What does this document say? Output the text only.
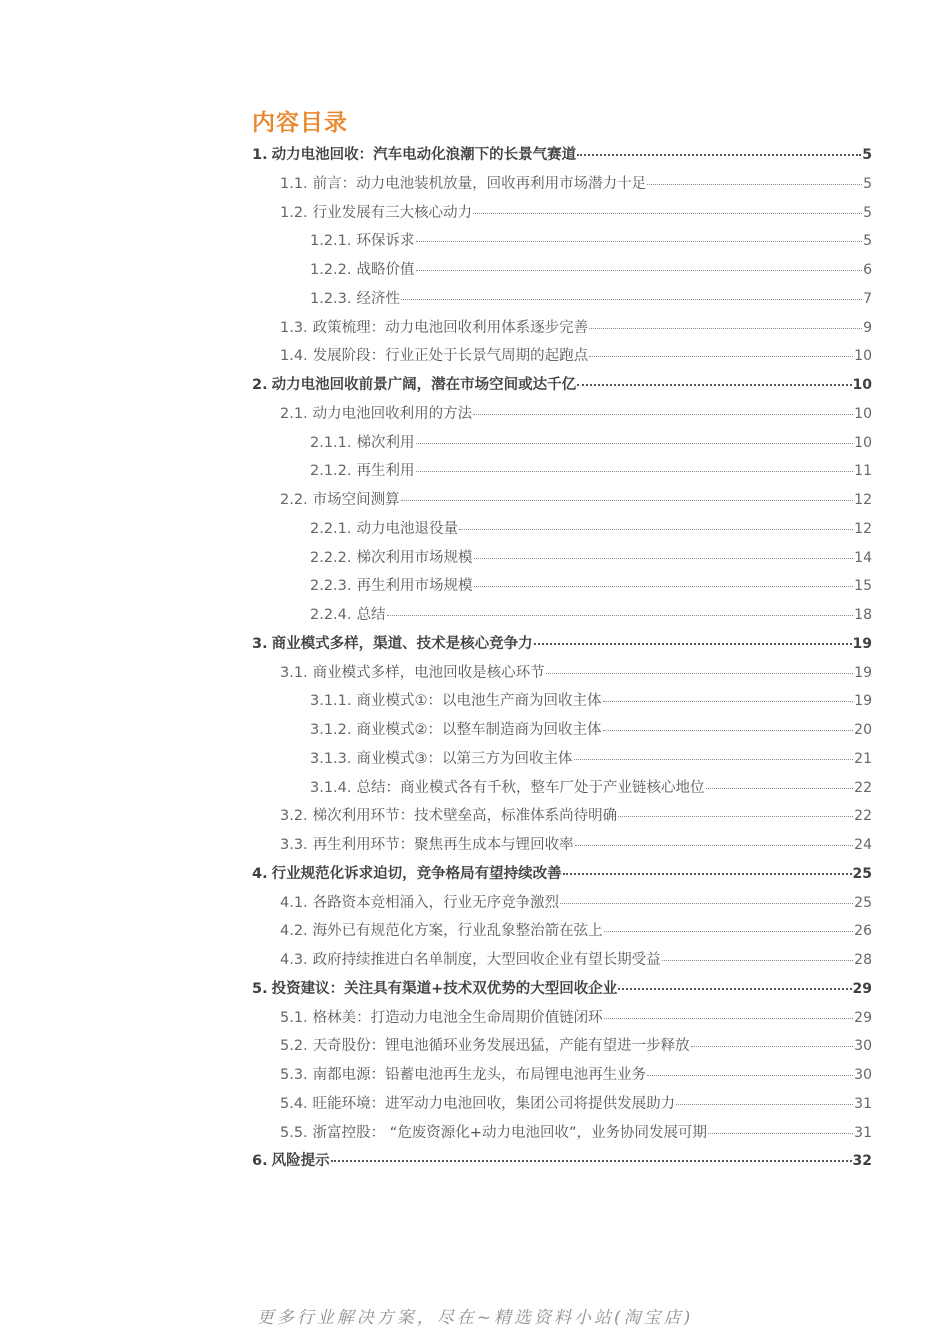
内容目录
1. 动力电池回收：汽车电动化浪潮下的长景气赛道	5
1.1. 前言：动力电池装机放量，回收再利用市场潜力十足	5
1.2. 行业发展有三大核心动力	5
1.2.1. 环保诉求	5
1.2.2. 战略价值	6
1.2.3. 经济性	7
1.3. 政策梳理：动力电池回收利用体系逐步完善	9
1.4. 发展阶段：行业正处于长景气周期的起跑点	10
2. 动力电池回收前景广阔，潜在市场空间或达千亿	10
2.1. 动力电池回收利用的方法	10
2.1.1. 梯次利用	10
2.1.2. 再生利用	11
2.2. 市场空间测算	12
2.2.1. 动力电池退役量	12
2.2.2. 梯次利用市场规模	14
2.2.3. 再生利用市场规模	15
2.2.4. 总结	18
3. 商业模式多样，渠道、技术是核心竞争力	19
3.1. 商业模式多样，电池回收是核心环节	19
3.1.1. 商业模式①：以电池生产商为回收主体	19
3.1.2. 商业模式②：以整车制造商为回收主体	20
3.1.3. 商业模式③：以第三方为回收主体	21
3.1.4. 总结：商业模式各有千秋，整车厂处于产业链核心地位	22
3.2. 梯次利用环节：技术壁垒高，标准体系尚待明确	22
3.3. 再生利用环节：聚焦再生成本与锂回收率	24
4. 行业规范化诉求迫切，竞争格局有望持续改善	25
4.1. 各路资本竞相涌入，行业无序竞争激烈	25
4.2. 海外已有规范化方案，行业乱象整治箭在弦上	26
4.3. 政府持续推进白名单制度，大型回收企业有望长期受益	28
5. 投资建议：关注具有渠道+技术双优势的大型回收企业	29
5.1. 格林美：打造动力电池全生命周期价值链闭环	29
5.2. 天奇股份：锂电池循环业务发展迅猛，产能有望进一步释放	30
5.3. 南都电源：铅蓄电池再生龙头，布局锂电池再生业务	30
5.4. 旺能环境：进军动力电池回收，集团公司将提供发展助力	31
5.5. 浙富控股： “危废资源化+动力电池回收”，业务协同发展可期	31
6. 风险提示	32
更多行业解决方案，尽在~精选资料小站(淘宝店)
